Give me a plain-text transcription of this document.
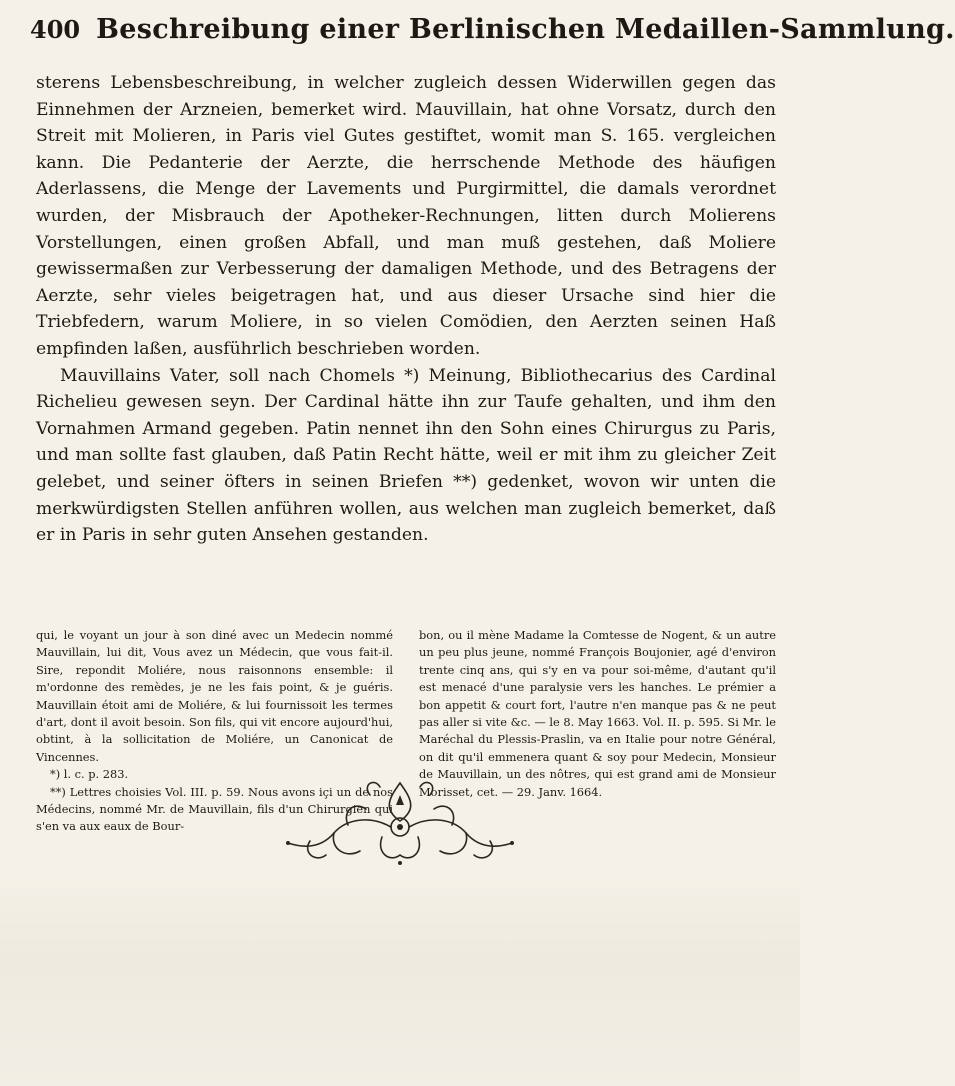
400 Beschreibung einer Berlinischen Medaillen-Sammlung.

sterens Lebensbeschreibung, in welcher zugleich dessen Widerwillen gegen das Einnehmen der Arzneien, bemerket wird. Mauvillain, hat ohne Vorsatz, durch den Streit mit Molieren, in Paris viel Gutes gestiftet, womit man S. 165. vergleichen kann. Die Pedanterie der Aerzte, die herrschende Methode des häufigen Aderlassens, die Menge der Lavements und Purgirmittel, die damals verordnet wurden, der Misbrauch der Apotheker-Rechnungen, litten durch Molierens Vorstellungen, einen großen Abfall, und man muß gestehen, daß Moliere gewissermaßen zur Verbesserung der damaligen Methode, und des Betragens der Aerzte, sehr vieles beigetragen hat, und aus dieser Ursache sind hier die Triebfedern, warum Moliere, in so vielen Comödien, den Aerzten seinen Haß empfinden laßen, ausführlich beschrieben worden.

Mauvillains Vater, soll nach Chomels *) Meinung, Bibliothecarius des Cardinal Richelieu gewesen seyn. Der Cardinal hätte ihn zur Taufe gehalten, und ihm den Vornahmen Armand gegeben. Patin nennet ihn den Sohn eines Chirurgus zu Paris, und man sollte fast glauben, daß Patin Recht hätte, weil er mit ihm zu gleicher Zeit gelebet, und seiner öfters in seinen Briefen **) gedenket, wovon wir unten die merkwürdigsten Stellen anführen wollen, aus welchen man zugleich bemerket, daß er in Paris in sehr guten Ansehen gestanden.

qui, le voyant un jour à son diné avec un Medecin nommé Mauvillain, lui dit, Vous avez un Médecin, que vous fait-il. Sire, repondit Moliére, nous raisonnons ensemble: il m'ordonne des remèdes, je ne les fais point, & je guéris. Mauvillain étoit ami de Moliére, & lui fournissoit les termes d'art, dont il avoit besoin. Son fils, qui vit encore aujourd'hui, obtint, à la sollicitation de Moliére, un Canonicat de Vincennes.

*) l. c. p. 283.

**) Lettres choisies Vol. III. p. 59. Nous avons içi un de nos Médecins, nommé Mr. de Mauvillain, fils d'un Chirurgien qui s'en va aux eaux de Bour-

bon, ou il mène Madame la Comtesse de Nogent, & un autre un peu plus jeune, nommé François Boujonier, agé d'environ trente cinq ans, qui s'y en va pour soi-même, d'autant qu'il est menacé d'une paralysie vers les hanches. Le prémier a bon appetit & court fort, l'autre n'en manque pas & ne peut pas aller si vite &c. — le 8. May 1663. Vol. II. p. 595. Si Mr. le Maréchal du Plessis-Praslin, va en Italie pour notre Général, on dit qu'il emmenera quant & soy pour Medecin, Monsieur de Mauvillain, un des nôtres, qui est grand ami de Monsieur Morisset, cet. — 29. Janv. 1664.
